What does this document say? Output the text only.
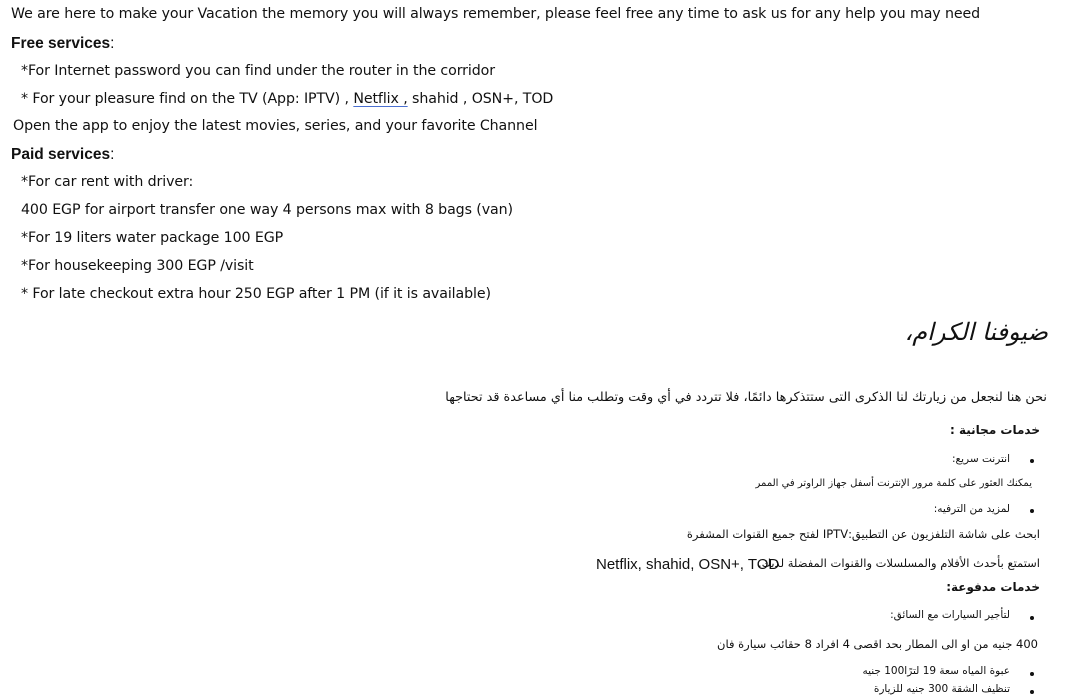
We are here to make your Vacation the memory you will always remember, please feel free any time to ask us for any help you may need
Free services:
*For Internet password you can find under the router in the corridor
* For your pleasure find on the TV (App: IPTV) , Netflix , shahid , OSN+, TOD
Open the app to enjoy the latest movies, series, and your favorite Channel
Paid services:
*For car rent with driver:
400 EGP for airport transfer one way 4 persons max with 8 bags (van)
*For 19 liters water package 100 EGP
*For housekeeping 300 EGP /visit
* For late checkout extra hour 250 EGP after 1 PM (if it is available)
ضيوفنا الكرام،
نحن هنا لنجعل من زيارتك لنا الذكرى التى ستتذكرها دائمًا، فلا تتردد في أي وقت وتطلب منا أي مساعدة قد تحتاجها
خدمات مجانية :
انترنت سريع:
يمكنك العثور على كلمة مرور الإنترنت أسفل جهاز الراوتر في الممر
لمزيد من الترفيه:
ابحث على شاشة التلفزيون عن التطبيق:IPTV لفتح جميع القنوات المشفرة
استمتع بأحدث الأفلام والمسلسلات والقنوات المفضلة لديك.
Netflix, shahid, OSN+, TOD
خدمات مدفوعة:
لتأجير السيارات مع السائق:
400 جنيه من او الى المطار بحد اقصى 4 افراد 8 حقائب سيارة فان
عبوة المياه سعة 19 لترًا100 جنيه
تنظيف الشقة 300 جنيه للزيارة
